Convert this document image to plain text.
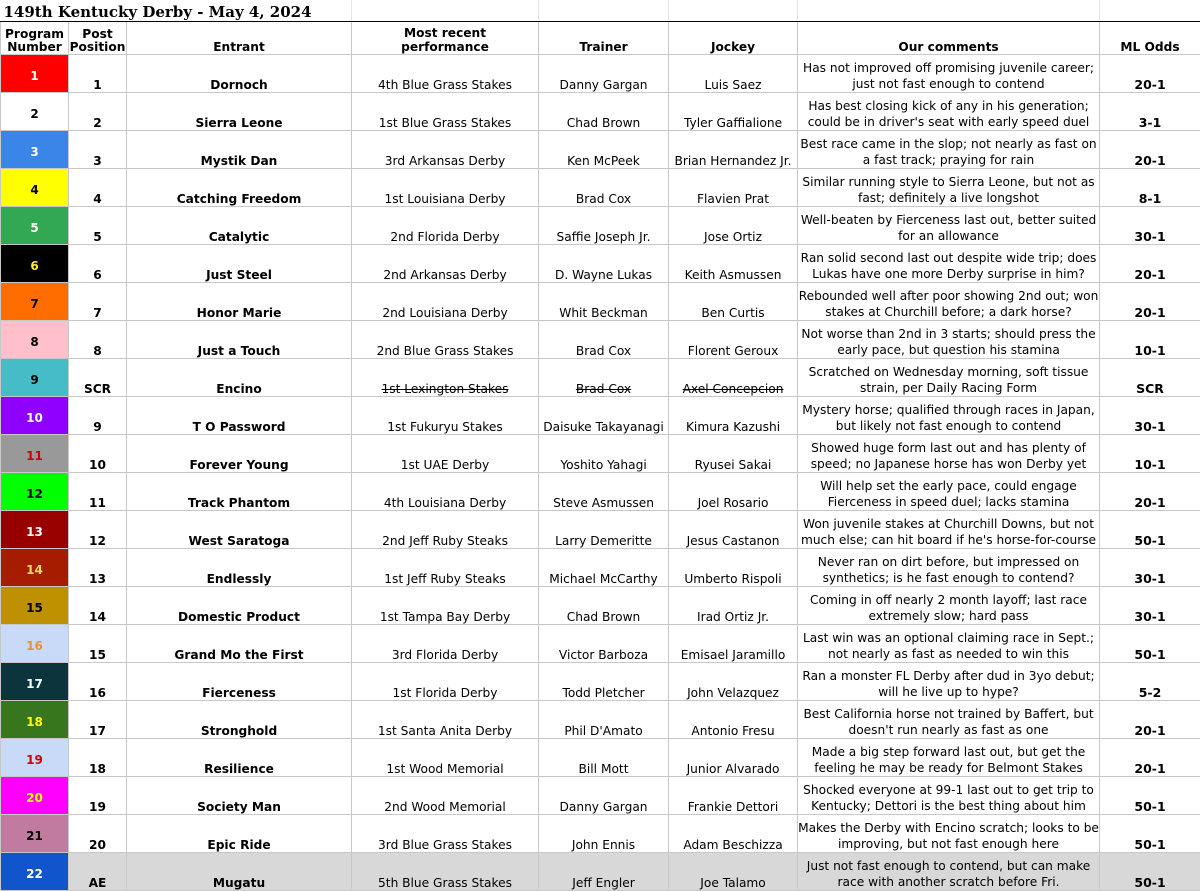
149th Kentucky Derby - May 4, 2024							
Program Number	Post Position	Entrant	Most recent performance	Trainer	Jockey	Our comments	ML Odds
1	1	Dornoch	4th Blue Grass Stakes	Danny Gargan	Luis Saez	Has not improved off promising juvenile career; just not fast enough to contend	20-1
2	2	Sierra Leone	1st Blue Grass Stakes	Chad Brown	Tyler Gaffialione	Has best closing kick of any in his generation; could be in driver's seat with early speed duel	3-1
3	3	Mystik Dan	3rd Arkansas Derby	Ken McPeek	Brian Hernandez Jr.	Best race came in the slop; not nearly as fast on a fast track; praying for rain	20-1
4	4	Catching Freedom	1st Louisiana Derby	Brad Cox	Flavien Prat	Similar running style to Sierra Leone, but not as fast; definitely a live longshot	8-1
5	5	Catalytic	2nd Florida Derby	Saffie Joseph Jr.	Jose Ortiz	Well-beaten by Fierceness last out, better suited for an allowance	30-1
6	6	Just Steel	2nd Arkansas Derby	D. Wayne Lukas	Keith Asmussen	Ran solid second last out despite wide trip; does Lukas have one more Derby surprise in him?	20-1
7	7	Honor Marie	2nd Louisiana Derby	Whit Beckman	Ben Curtis	Rebounded well after poor showing 2nd out; won stakes at Churchill before; a dark horse?	20-1
8	8	Just a Touch	2nd Blue Grass Stakes	Brad Cox	Florent Geroux	Not worse than 2nd in 3 starts; should press the early pace, but question his stamina	10-1
9	SCR	Encino	1st Lexington Stakes	Brad Cox	Axel Concepcion	Scratched on Wednesday morning, soft tissue strain, per Daily Racing Form	SCR
10	9	T O Password	1st Fukuryu Stakes	Daisuke Takayanagi	Kimura Kazushi	Mystery horse; qualified through races in Japan, but likely not fast enough to contend	30-1
11	10	Forever Young	1st UAE Derby	Yoshito Yahagi	Ryusei Sakai	Showed huge form last out and has plenty of speed; no Japanese horse has won Derby yet	10-1
12	11	Track Phantom	4th Louisiana Derby	Steve Asmussen	Joel Rosario	Will help set the early pace, could engage Fierceness in speed duel; lacks stamina	20-1
13	12	West Saratoga	2nd Jeff Ruby Steaks	Larry Demeritte	Jesus Castanon	Won juvenile stakes at Churchill Downs, but not much else; can hit board if he's horse-for-course	50-1
14	13	Endlessly	1st Jeff Ruby Steaks	Michael McCarthy	Umberto Rispoli	Never ran on dirt before, but impressed on synthetics; is he fast enough to contend?	30-1
15	14	Domestic Product	1st Tampa Bay Derby	Chad Brown	Irad Ortiz Jr.	Coming in off nearly 2 month layoff; last race extremely slow; hard pass	30-1
16	15	Grand Mo the First	3rd Florida Derby	Victor Barboza	Emisael Jaramillo	Last win was an optional claiming race in Sept.; not nearly as fast as needed to win this	50-1
17	16	Fierceness	1st Florida Derby	Todd Pletcher	John Velazquez	Ran a monster FL Derby after dud in 3yo debut; will he live up to hype?	5-2
18	17	Stronghold	1st Santa Anita Derby	Phil D'Amato	Antonio Fresu	Best California horse not trained by Baffert, but doesn't run nearly as fast as one	20-1
19	18	Resilience	1st Wood Memorial	Bill Mott	Junior Alvarado	Made a big step forward last out, but get the feeling he may be ready for Belmont Stakes	20-1
20	19	Society Man	2nd Wood Memorial	Danny Gargan	Frankie Dettori	Shocked everyone at 99-1 last out to get trip to Kentucky; Dettori is the best thing about him	50-1
21	20	Epic Ride	3rd Blue Grass Stakes	John Ennis	Adam Beschizza	Makes the Derby with Encino scratch; looks to be improving, but not fast enough here	50-1
22	AE	Mugatu	5th Blue Grass Stakes	Jeff Engler	Joe Talamo	Just not fast enough to contend, but can make race with another scratch before Fri.	50-1
